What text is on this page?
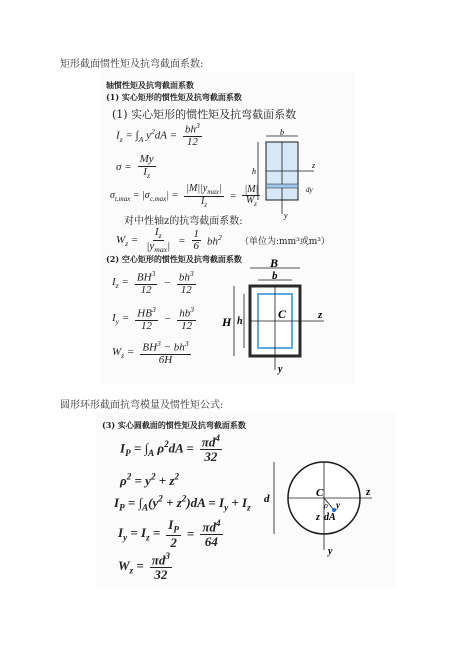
矩形截面惯性矩及抗弯截面系数:
轴惯性矩及抗弯截面系数
(1) 实心矩形的惯性矩及抗弯截面系数
(1) 实心矩形的惯性矩及抗弯截面系数
$I_z = \int_A$ $y^2dA = \frac{bh^3}{12}$
$\sigma = \frac{My}{I_z}$
$\sigma_{t,max} = |\sigma_{c,max}| = \frac{|M||y_{max}|}{I_z} = \frac{|M|}{W_z}$
对中性轴z的抗弯截面系数:
$W_z = \frac{I_z}{|y_{max}|} = \frac{1}{6} bh^2$ （单位为:mm³或m³）
b
h
y
z
dy
(2) 空心矩形的惯性矩及抗弯截面系数
$I_z = \frac{BH^3}{12} - \frac{bh^3}{12}$
$I_y = \frac{HB^3}{12} - \frac{hb^3}{12}$
$W_z = \frac{BH^3 - bh^3}{6H}$
B
b
H h
z
y
C
圆形环形截面抗弯模量及惯性矩公式:
(3) 实心圆截面的惯性矩及抗弯截面系数
$I_P = \int_A$ $\rho^2dA = \frac{\pi d^4}{32}$
$\rho^2 = y^2 + z^2$
$I_P = \int_A(y^2 + z^2)dA = I_y + I_z$
$I_y = I_z = \frac{I_P}{2} = \frac{\pi d^4}{64}$
$W_z = \frac{\pi d^3}{32}$
d
z
y
C
ρ y
z dA
